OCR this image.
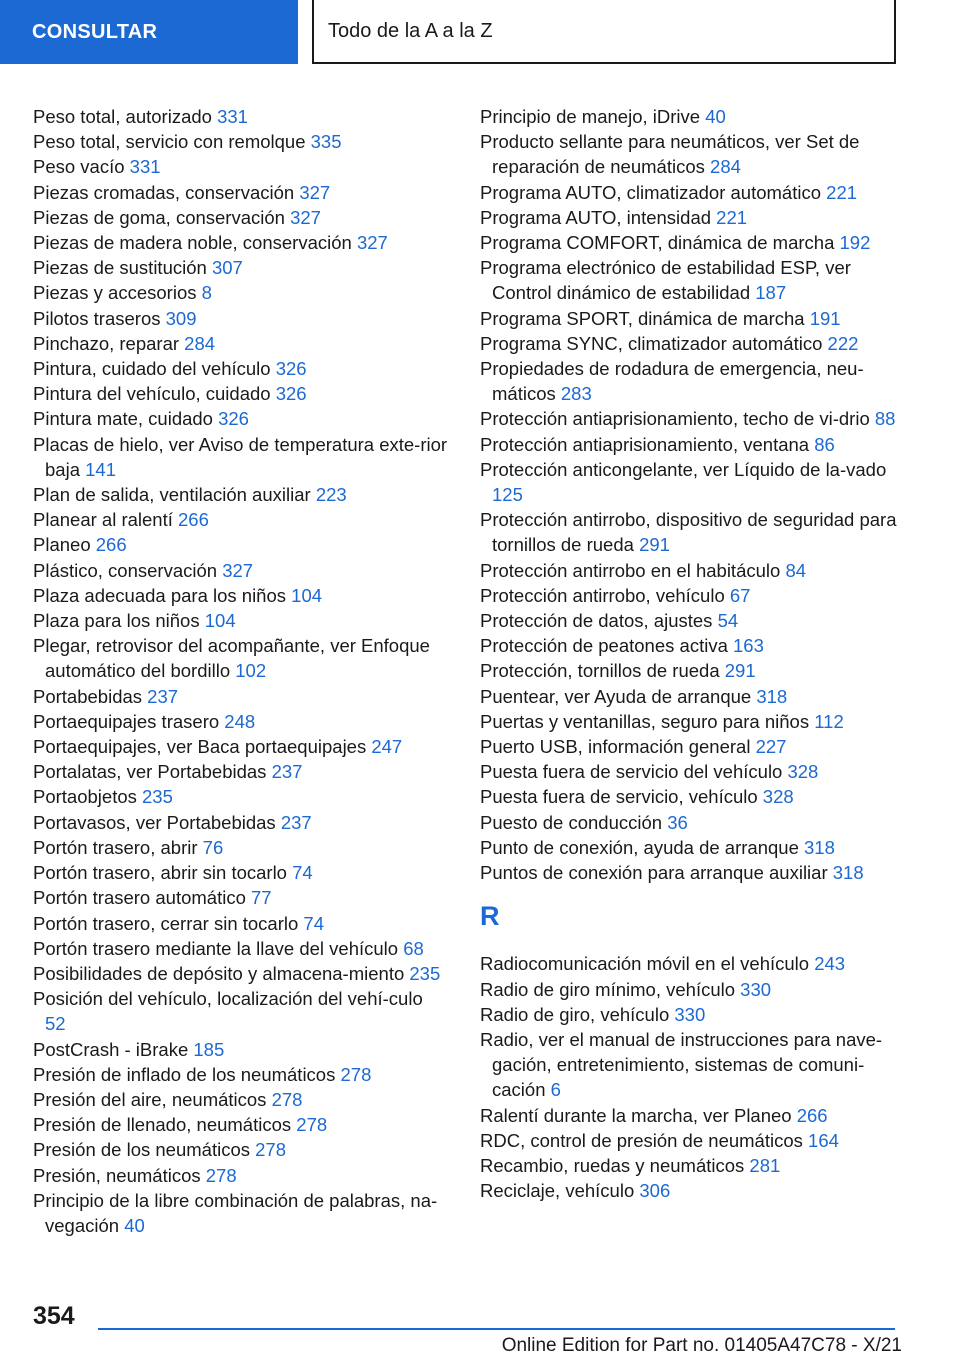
CONSULTAR	Todo de la A a la Z
Peso total, autorizado 331
Peso total, servicio con remolque 335
Peso vacío 331
Piezas cromadas, conservación 327
Piezas de goma, conservación 327
Piezas de madera noble, conservación 327
Piezas de sustitución 307
Piezas y accesorios 8
Pilotos traseros 309
Pinchazo, reparar 284
Pintura, cuidado del vehículo 326
Pintura del vehículo, cuidado 326
Pintura mate, cuidado 326
Placas de hielo, ver Aviso de temperatura exte‐rior baja 141
Plan de salida, ventilación auxiliar 223
Planear al ralentí 266
Planeo 266
Plástico, conservación 327
Plaza adecuada para los niños 104
Plaza para los niños 104
Plegar, retrovisor del acompañante, ver Enfoque automático del bordillo 102
Portabebidas 237
Portaequipajes trasero 248
Portaequipajes, ver Baca portaequipajes 247
Portalatas, ver Portabebidas 237
Portaobjetos 235
Portavasos, ver Portabebidas 237
Portón trasero, abrir 76
Portón trasero, abrir sin tocarlo 74
Portón trasero automático 77
Portón trasero, cerrar sin tocarlo 74
Portón trasero mediante la llave del vehículo 68
Posibilidades de depósito y almacena‐miento 235
Posición del vehículo, localización del vehí‐culo 52
PostCrash - iBrake 185
Presión de inflado de los neumáticos 278
Presión del aire, neumáticos 278
Presión de llenado, neumáticos 278
Presión de los neumáticos 278
Presión, neumáticos 278
Principio de la libre combinación de palabras, na‐vegación 40
Principio de manejo, iDrive 40
Producto sellante para neumáticos, ver Set de reparación de neumáticos 284
Programa AUTO, climatizador automático 221
Programa AUTO, intensidad 221
Programa COMFORT, dinámica de marcha 192
Programa electrónico de estabilidad ESP, ver Control dinámico de estabilidad 187
Programa SPORT, dinámica de marcha 191
Programa SYNC, climatizador automático 222
Propiedades de rodadura de emergencia, neu‐máticos 283
Protección antiaprisionamiento, techo de vi‐drio 88
Protección antiaprisionamiento, ventana 86
Protección anticongelante, ver Líquido de la‐vado 125
Protección antirrobo, dispositivo de seguridad para tornillos de rueda 291
Protección antirrobo en el habitáculo 84
Protección antirrobo, vehículo 67
Protección de datos, ajustes 54
Protección de peatones activa 163
Protección, tornillos de rueda 291
Puentear, ver Ayuda de arranque 318
Puertas y ventanillas, seguro para niños 112
Puerto USB, información general 227
Puesta fuera de servicio del vehículo 328
Puesta fuera de servicio, vehículo 328
Puesto de conducción 36
Punto de conexión, ayuda de arranque 318
Puntos de conexión para arranque auxiliar 318
R
Radiocomunicación móvil en el vehículo 243
Radio de giro mínimo, vehículo 330
Radio de giro, vehículo 330
Radio, ver el manual de instrucciones para nave‐gación, entretenimiento, sistemas de comuni‐cación 6
Ralentí durante la marcha, ver Planeo 266
RDC, control de presión de neumáticos 164
Recambio, ruedas y neumáticos 281
Reciclaje, vehículo 306
354
Online Edition for Part no. 01405A47C78 - X/21
